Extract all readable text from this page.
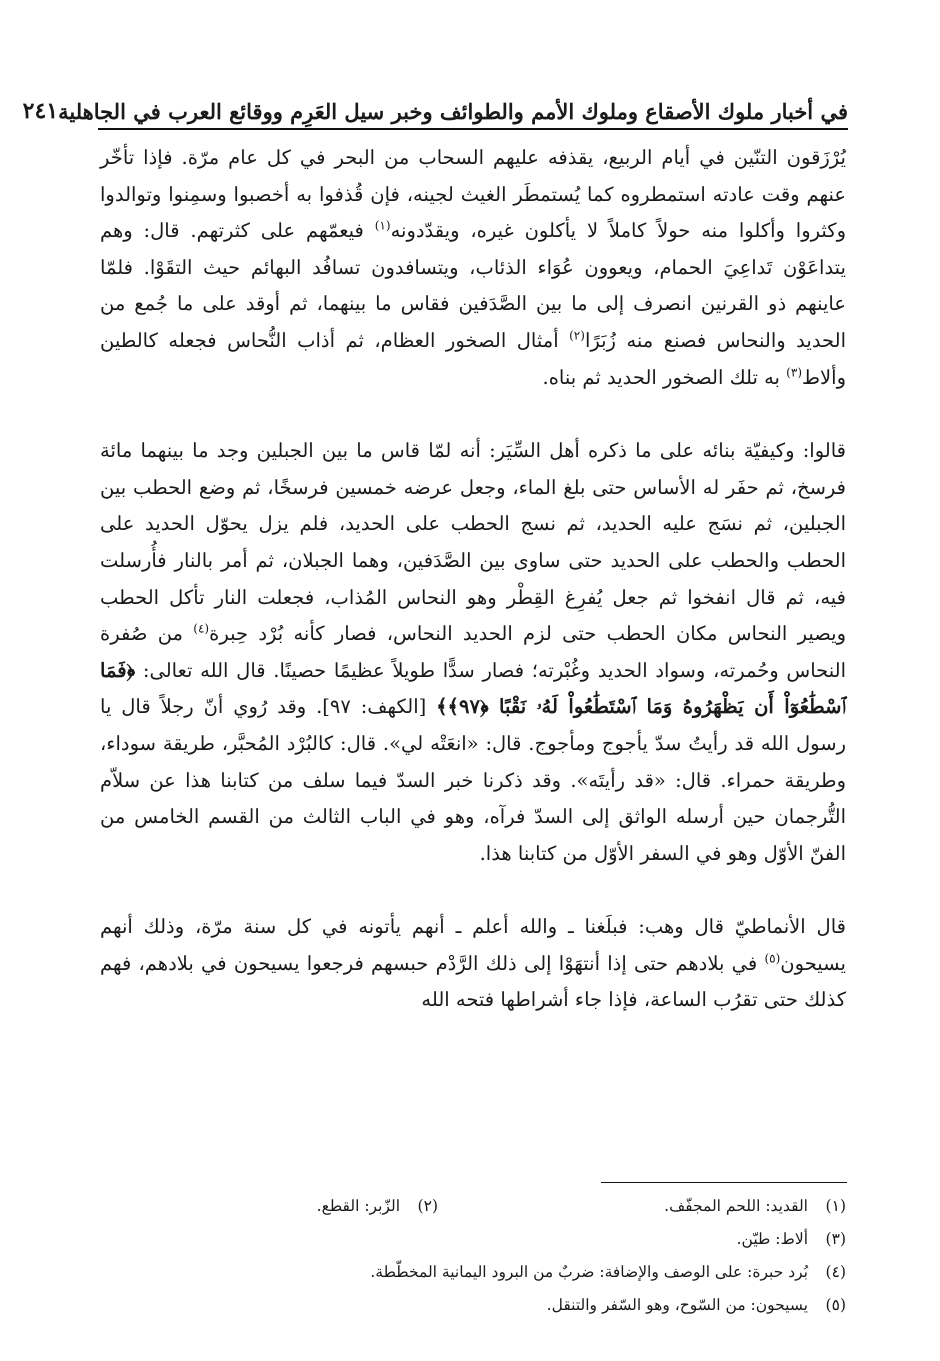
في أخبار ملوك الأصقاع وملوك الأمم والطوائف وخبر سيل العَرِم ووقائع العرب في الجاهلية
٢٤١

يُرْزَقون التنّين في أيام الربيع، يقذفه عليهم السحاب من البحر في كل عام مرّة. فإذا تأخّر عنهم وقت عادته استمطروه كما يُستمطَر الغيث لجينه، فإن قُذفوا به أخصبوا وسمِنوا وتوالدوا وكثروا وأكلوا منه حولاً كاملاً لا يأكلون غيره، ويقدّدونه$^{(١)}$ فيعمّهم على كثرتهم. قال: وهم يتداعَوْن تَداعِيَ الحمام، ويعوون عُوَاء الذئاب، ويتسافدون تسافُد البهائم حيث التقَوْا. فلمّا عاينهم ذو القرنين انصرف إلى ما بين الصَّدَفين فقاس ما بينهما، ثم أوقد على ما جُمع من الحديد والنحاس فصنع منه زُبَرًا$^{(٢)}$ أمثال الصخور العظام، ثم أذاب النُّحاس فجعله كالطين وألاط$^{(٣)}$ به تلك الصخور الحديد ثم بناه.

قالوا: وكيفيّة بنائه على ما ذكره أهل السِّيَر: أنه لمّا قاس ما بين الجبلين وجد ما بينهما مائة فرسخ، ثم حفَر له الأساس حتى بلغ الماء، وجعل عرضه خمسين فرسخًا، ثم وضع الحطب بين الجبلين، ثم نسَج عليه الحديد، ثم نسج الحطب على الحديد، فلم يزل يحوّل الحديد على الحطب والحطب على الحديد حتى ساوى بين الصَّدَفين، وهما الجبلان، ثم أمر بالنار فأُرسلت فيه، ثم قال انفخوا ثم جعل يُفرِغ القِطْر وهو النحاس المُذاب، فجعلت النار تأكل الحطب ويصير النحاس مكان الحطب حتى لزم الحديد النحاس، فصار كأنه بُرْد حِبرة$^{(٤)}$ من صُفرة النحاس وحُمرته، وسواد الحديد وغُبْرته؛ فصار سدًّا طويلاً عظيمًا حصينًا. قال الله تعالى: ﴿فَمَا ٱسْطَٰعُوٓاْ أَن يَظْهَرُوهُ وَمَا ٱسْتَطَٰعُواْ لَهُۥ نَقْبًا ﴿٩٧﴾﴾ [الكهف: ٩٧]. وقد رُوي أنّ رجلاً قال يا رسول الله قد رأيتُ سدّ يأجوج ومأجوج. قال: «انعَتْه لي». قال: كالبُرْد المُحبَّر، طريقة سوداء، وطريقة حمراء. قال: «قد رأيتَه». وقد ذكرنا خبر السدّ فيما سلف من كتابنا هذا عن سلاّم التُّرجمان حين أرسله الواثق إلى السدّ فرآه، وهو في الباب الثالث من القسم الخامس من الفنّ الأوّل وهو في السفر الأوّل من كتابنا هذا.

قال الأنماطيّ قال وهب: فبلَغنا ـ والله أعلم ـ أنهم يأتونه في كل سنة مرّة، وذلك أنهم يسيحون$^{(٥)}$ في بلادهم حتى إذا أنتهَوْا إلى ذلك الرَّدْم حبسهم فرجعوا يسيحون في بلادهم، فهم كذلك حتى تقرُب الساعة، فإذا جاء أشراطها فتحه الله

(١)
القديد: اللحم المجفّف.
(٢)
الزّبر: القطع.
(٣)
ألاط: طيّن.
(٤)
بُرد حبرة: على الوصف والإضافة: ضربٌ من البرود اليمانية المخطّطة.
(٥)
يسيحون: من السّوح، وهو السّفر والتنقل.
